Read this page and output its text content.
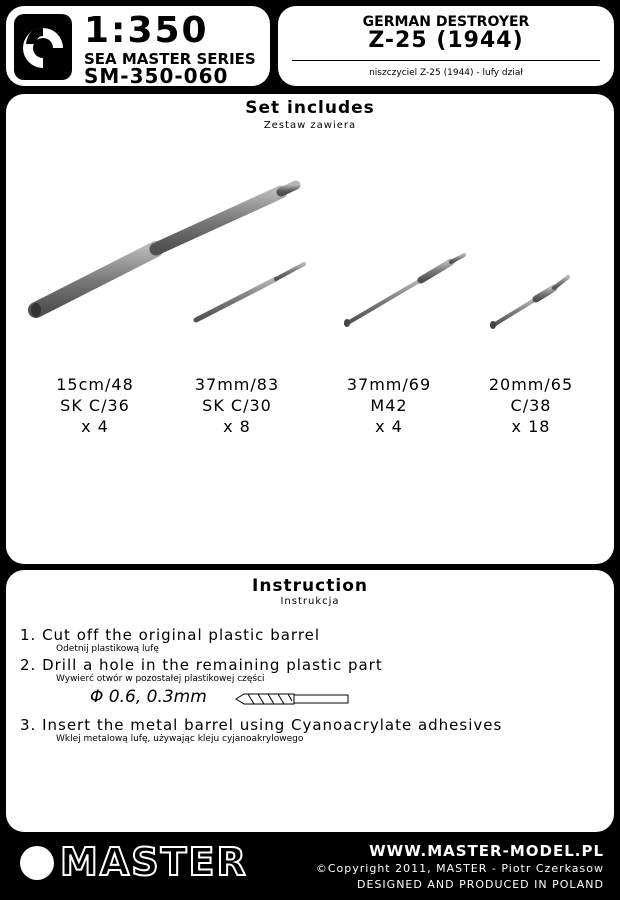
1:350
SEA MASTER SERIES
SM-350-060
GERMAN DESTROYER
Z-25 (1944)
niszczyciel Z-25 (1944) - lufy dział
Set includes
Zestaw zawiera
15cm/48
SK C/36
x 4
37mm/83
SK C/30
x 8
37mm/69
M42
x 4
20mm/65
C/38
x 18
Instruction
Instrukcja
1. Cut off the original plastic barrel
Odetnij plastikową lufę
2. Drill a hole in the remaining plastic part
Wywierć otwór w pozostałej plastikowej części
Φ 0.6, 0.3mm
3. Insert the metal barrel using Cyanoacrylate adhesives
Wklej metalową lufę, używając kleju cyjanoakrylowego
MASTER	WWW.MASTER-MODEL.PL
©Copyright 2011, MASTER - Piotr Czerkasow
DESIGNED AND PRODUCED IN POLAND
